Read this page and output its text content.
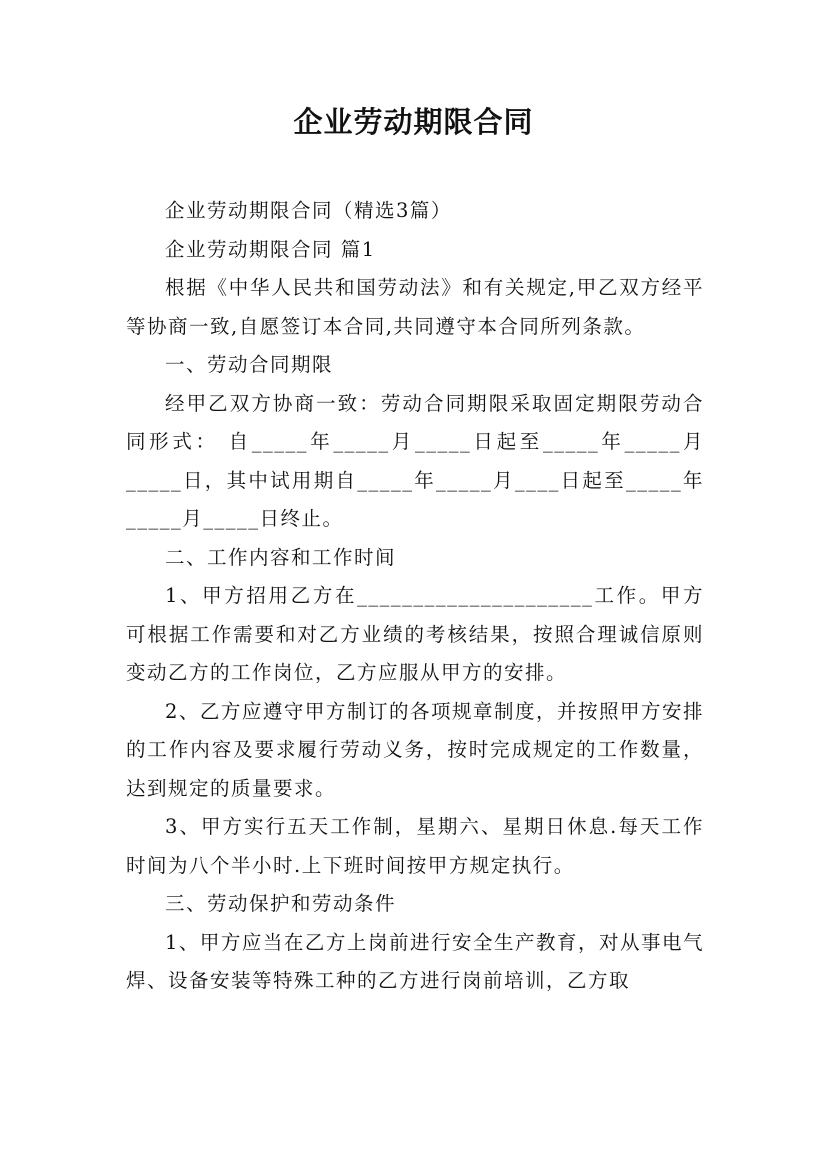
企业劳动期限合同

企业劳动期限合同（精选3篇）

企业劳动期限合同 篇1

根据《中华人民共和国劳动法》和有关规定,甲乙双方经平等协商一致,自愿签订本合同,共同遵守本合同所列条款。

一、劳动合同期限

经甲乙双方协商一致：劳动合同期限采取固定期限劳动合同形式： 自_____年_____月_____日起至_____年_____月_____日，其中试用期自_____年_____月____日起至_____年_____月_____日终止。

二、工作内容和工作时间

1、甲方招用乙方在_____________________工作。甲方可根据工作需要和对乙方业绩的考核结果，按照合理诚信原则变动乙方的工作岗位，乙方应服从甲方的安排。

2、乙方应遵守甲方制订的各项规章制度，并按照甲方安排的工作内容及要求履行劳动义务，按时完成规定的工作数量，达到规定的质量要求。

3、甲方实行五天工作制，星期六、星期日休息.每天工作时间为八个半小时.上下班时间按甲方规定执行。

三、劳动保护和劳动条件

1、甲方应当在乙方上岗前进行安全生产教育，对从事电气焊、设备安装等特殊工种的乙方进行岗前培训，乙方取
